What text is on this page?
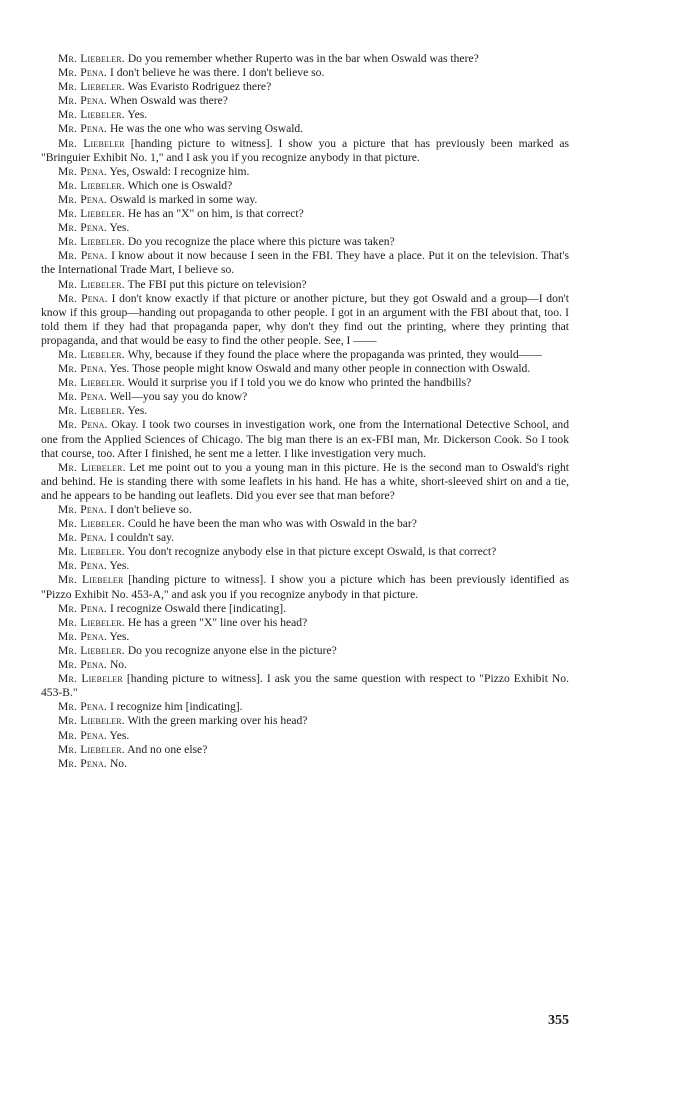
Mr. Liebeler. Do you remember whether Ruperto was in the bar when Oswald was there?

Mr. Pena. I don't believe he was there. I don't believe so.

Mr. Liebeler. Was Evaristo Rodriguez there?

Mr. Pena. When Oswald was there?

Mr. Liebeler. Yes.

Mr. Pena. He was the one who was serving Oswald.

Mr. Liebeler [handing picture to witness]. I show you a picture that has previously been marked as "Bringuier Exhibit No. 1," and I ask you if you recognize anybody in that picture.

Mr. Pena. Yes, Oswald: I recognize him.

Mr. Liebeler. Which one is Oswald?

Mr. Pena. Oswald is marked in some way.

Mr. Liebeler. He has an "X" on him, is that correct?

Mr. Pena. Yes.

Mr. Liebeler. Do you recognize the place where this picture was taken?

Mr. Pena. I know about it now because I seen in the FBI. They have a place. Put it on the television. That's the International Trade Mart, I believe so.

Mr. Liebeler. The FBI put this picture on television?

Mr. Pena. I don't know exactly if that picture or another picture, but they got Oswald and a group—I don't know if this group—handing out propaganda to other people. I got in an argument with the FBI about that, too. I told them if they had that propaganda paper, why don't they find out the printing, where they printing that propaganda, and that would be easy to find the other people. See, I ——

Mr. Liebeler. Why, because if they found the place where the propaganda was printed, they would——

Mr. Pena. Yes. Those people might know Oswald and many other people in connection with Oswald.

Mr. Liebeler. Would it surprise you if I told you we do know who printed the handbills?

Mr. Pena. Well—you say you do know?

Mr. Liebeler. Yes.

Mr. Pena. Okay. I took two courses in investigation work, one from the International Detective School, and one from the Applied Sciences of Chicago. The big man there is an ex-FBI man, Mr. Dickerson Cook. So I took that course, too. After I finished, he sent me a letter. I like investigation very much.

Mr. Liebeler. Let me point out to you a young man in this picture. He is the second man to Oswald's right and behind. He is standing there with some leaflets in his hand. He has a white, short-sleeved shirt on and a tie, and he appears to be handing out leaflets. Did you ever see that man before?

Mr. Pena. I don't believe so.

Mr. Liebeler. Could he have been the man who was with Oswald in the bar?

Mr. Pena. I couldn't say.

Mr. Liebeler. You don't recognize anybody else in that picture except Oswald, is that correct?

Mr. Pena. Yes.

Mr. Liebeler [handing picture to witness]. I show you a picture which has been previously identified as "Pizzo Exhibit No. 453-A," and ask you if you recognize anybody in that picture.

Mr. Pena. I recognize Oswald there [indicating].

Mr. Liebeler. He has a green "X" line over his head?

Mr. Pena. Yes.

Mr. Liebeler. Do you recognize anyone else in the picture?

Mr. Pena. No.

Mr. Liebeler [handing picture to witness]. I ask you the same question with respect to "Pizzo Exhibit No. 453-B."

Mr. Pena. I recognize him [indicating].

Mr. Liebeler. With the green marking over his head?

Mr. Pena. Yes.

Mr. Liebeler. And no one else?

Mr. Pena. No.

355
